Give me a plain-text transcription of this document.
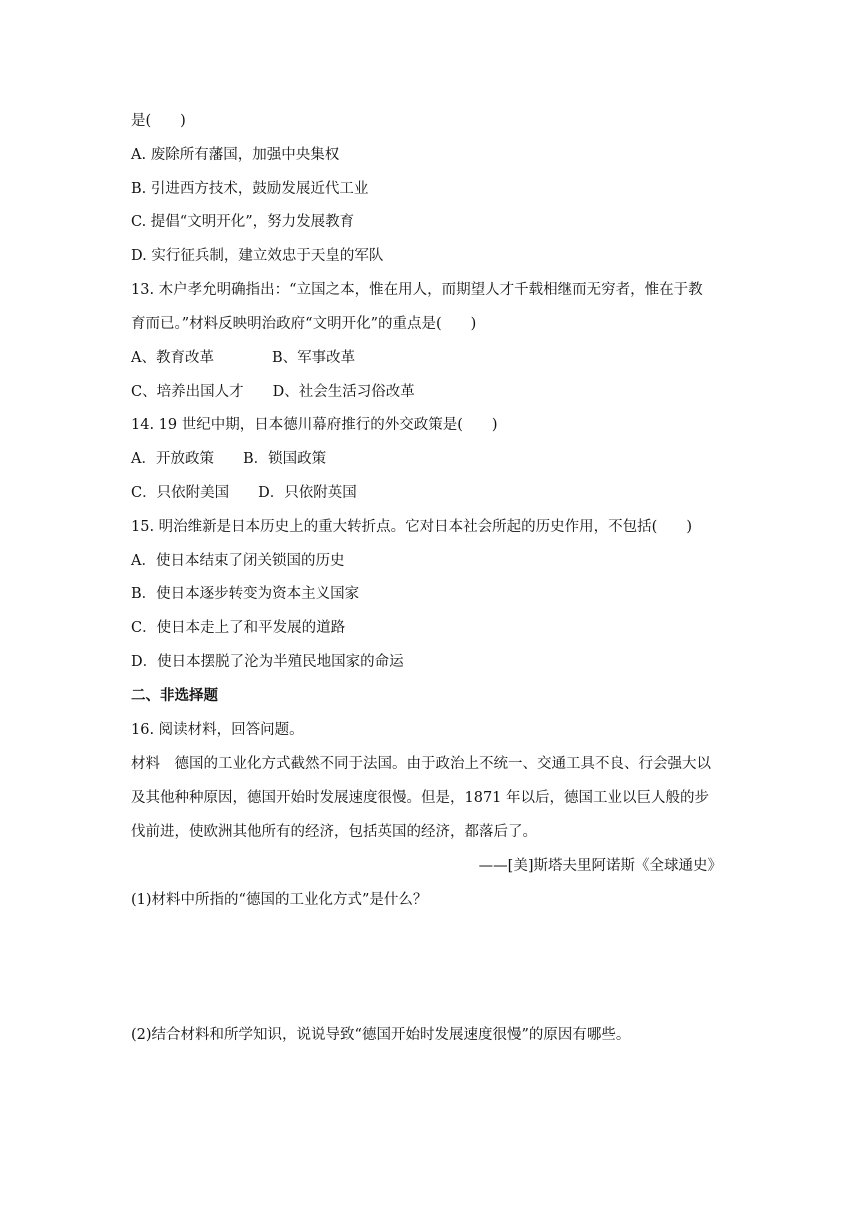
是(　　)
A. 废除所有藩国，加强中央集权
B. 引进西方技术，鼓励发展近代工业
C. 提倡“文明开化”，努力发展教育
D. 实行征兵制，建立效忠于天皇的军队
13. 木户孝允明确指出：“立国之本，惟在用人，而期望人才千载相继而无穷者，惟在于教
育而已。”材料反映明治政府“文明开化”的重点是(　　)
A、教育改革　　　　B、军事改革
C、培养出国人才　　D、社会生活习俗改革
14. 19 世纪中期，日本德川幕府推行的外交政策是(　　)
A．开放政策　　B．锁国政策
C．只依附美国　　D．只依附英国
15. 明治维新是日本历史上的重大转折点。它对日本社会所起的历史作用，不包括(　　)
A．使日本结束了闭关锁国的历史
B．使日本逐步转变为资本主义国家
C．使日本走上了和平发展的道路
D．使日本摆脱了沦为半殖民地国家的命运
二、非选择题
16. 阅读材料，回答问题。
材料　德国的工业化方式截然不同于法国。由于政治上不统一、交通工具不良、行会强大以
及其他种种原因，德国开始时发展速度很慢。但是，1871 年以后，德国工业以巨人般的步
伐前进，使欧洲其他所有的经济，包括英国的经济，都落后了。
——[美]斯塔夫里阿诺斯《全球通史》
(1)材料中所指的“德国的工业化方式”是什么？
(2)结合材料和所学知识，说说导致“德国开始时发展速度很慢”的原因有哪些。
